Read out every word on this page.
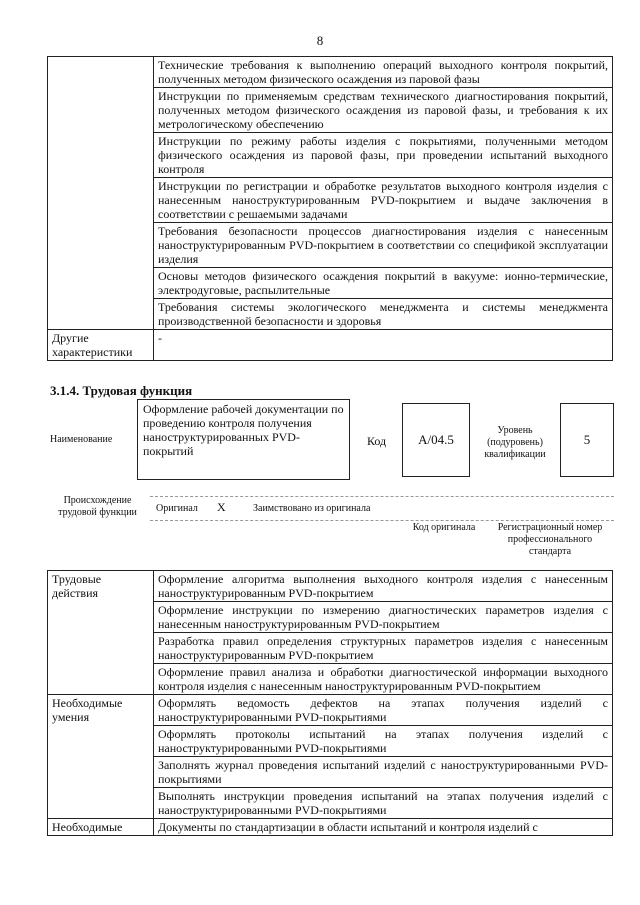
8
	Технические требования к выполнению операций выходного контроля покрытий, полученных методом физического осаждения из паровой фазы
	Инструкции по применяемым средствам технического диагностирования покрытий, полученных методом физического осаждения из паровой фазы, и требования к их метрологическому обеспечению
	Инструкции по режиму работы изделия с покрытиями, полученными методом физического осаждения из паровой фазы, при проведении испытаний выходного контроля
	Инструкции по регистрации и обработке результатов выходного контроля изделия с нанесенным наноструктурированным PVD-покрытием и выдаче заключения в соответствии с решаемыми задачами
	Требования безопасности процессов диагностирования изделия с нанесенным наноструктурированным PVD-покрытием в соответствии со спецификой эксплуатации изделия
	Основы методов физического осаждения покрытий в вакууме: ионно-термические, электродуговые, распылительные
	Требования системы экологического менеджмента и системы менеджмента производственной безопасности и здоровья
Другие характеристики	-
3.1.4. Трудовая функция
Наименование
Оформление рабочей документации по проведению контроля получения наноструктурированных PVD-покрытий
Код	А/04.5
Уровень (подуровень) квалификации
5
Происхождение трудовой функции	Оригинал X	Заимствовано из оригинала
Код оригинала	Регистрационный номер профессионального стандарта
Трудовые действия	Оформление алгоритма выполнения выходного контроля изделия с нанесенным наноструктурированным PVD-покрытием
	Оформление инструкции по измерению диагностических параметров изделия с нанесенным наноструктурированным PVD-покрытием
	Разработка правил определения структурных параметров изделия с нанесенным наноструктурированным PVD-покрытием
	Оформление правил анализа и обработки диагностической информации выходного контроля изделия с нанесенным наноструктурированным PVD-покрытием
Необходимые умения	Оформлять ведомость дефектов на этапах получения изделий с наноструктурированными PVD-покрытиями
	Оформлять протоколы испытаний на этапах получения изделий с наноструктурированными PVD-покрытиями
	Заполнять журнал проведения испытаний изделий с наноструктурированными PVD-покрытиями
	Выполнять инструкции проведения испытаний на этапах получения изделий с наноструктурированными PVD-покрытиями
Необходимые	Документы по стандартизации в области испытаний и контроля изделий с
